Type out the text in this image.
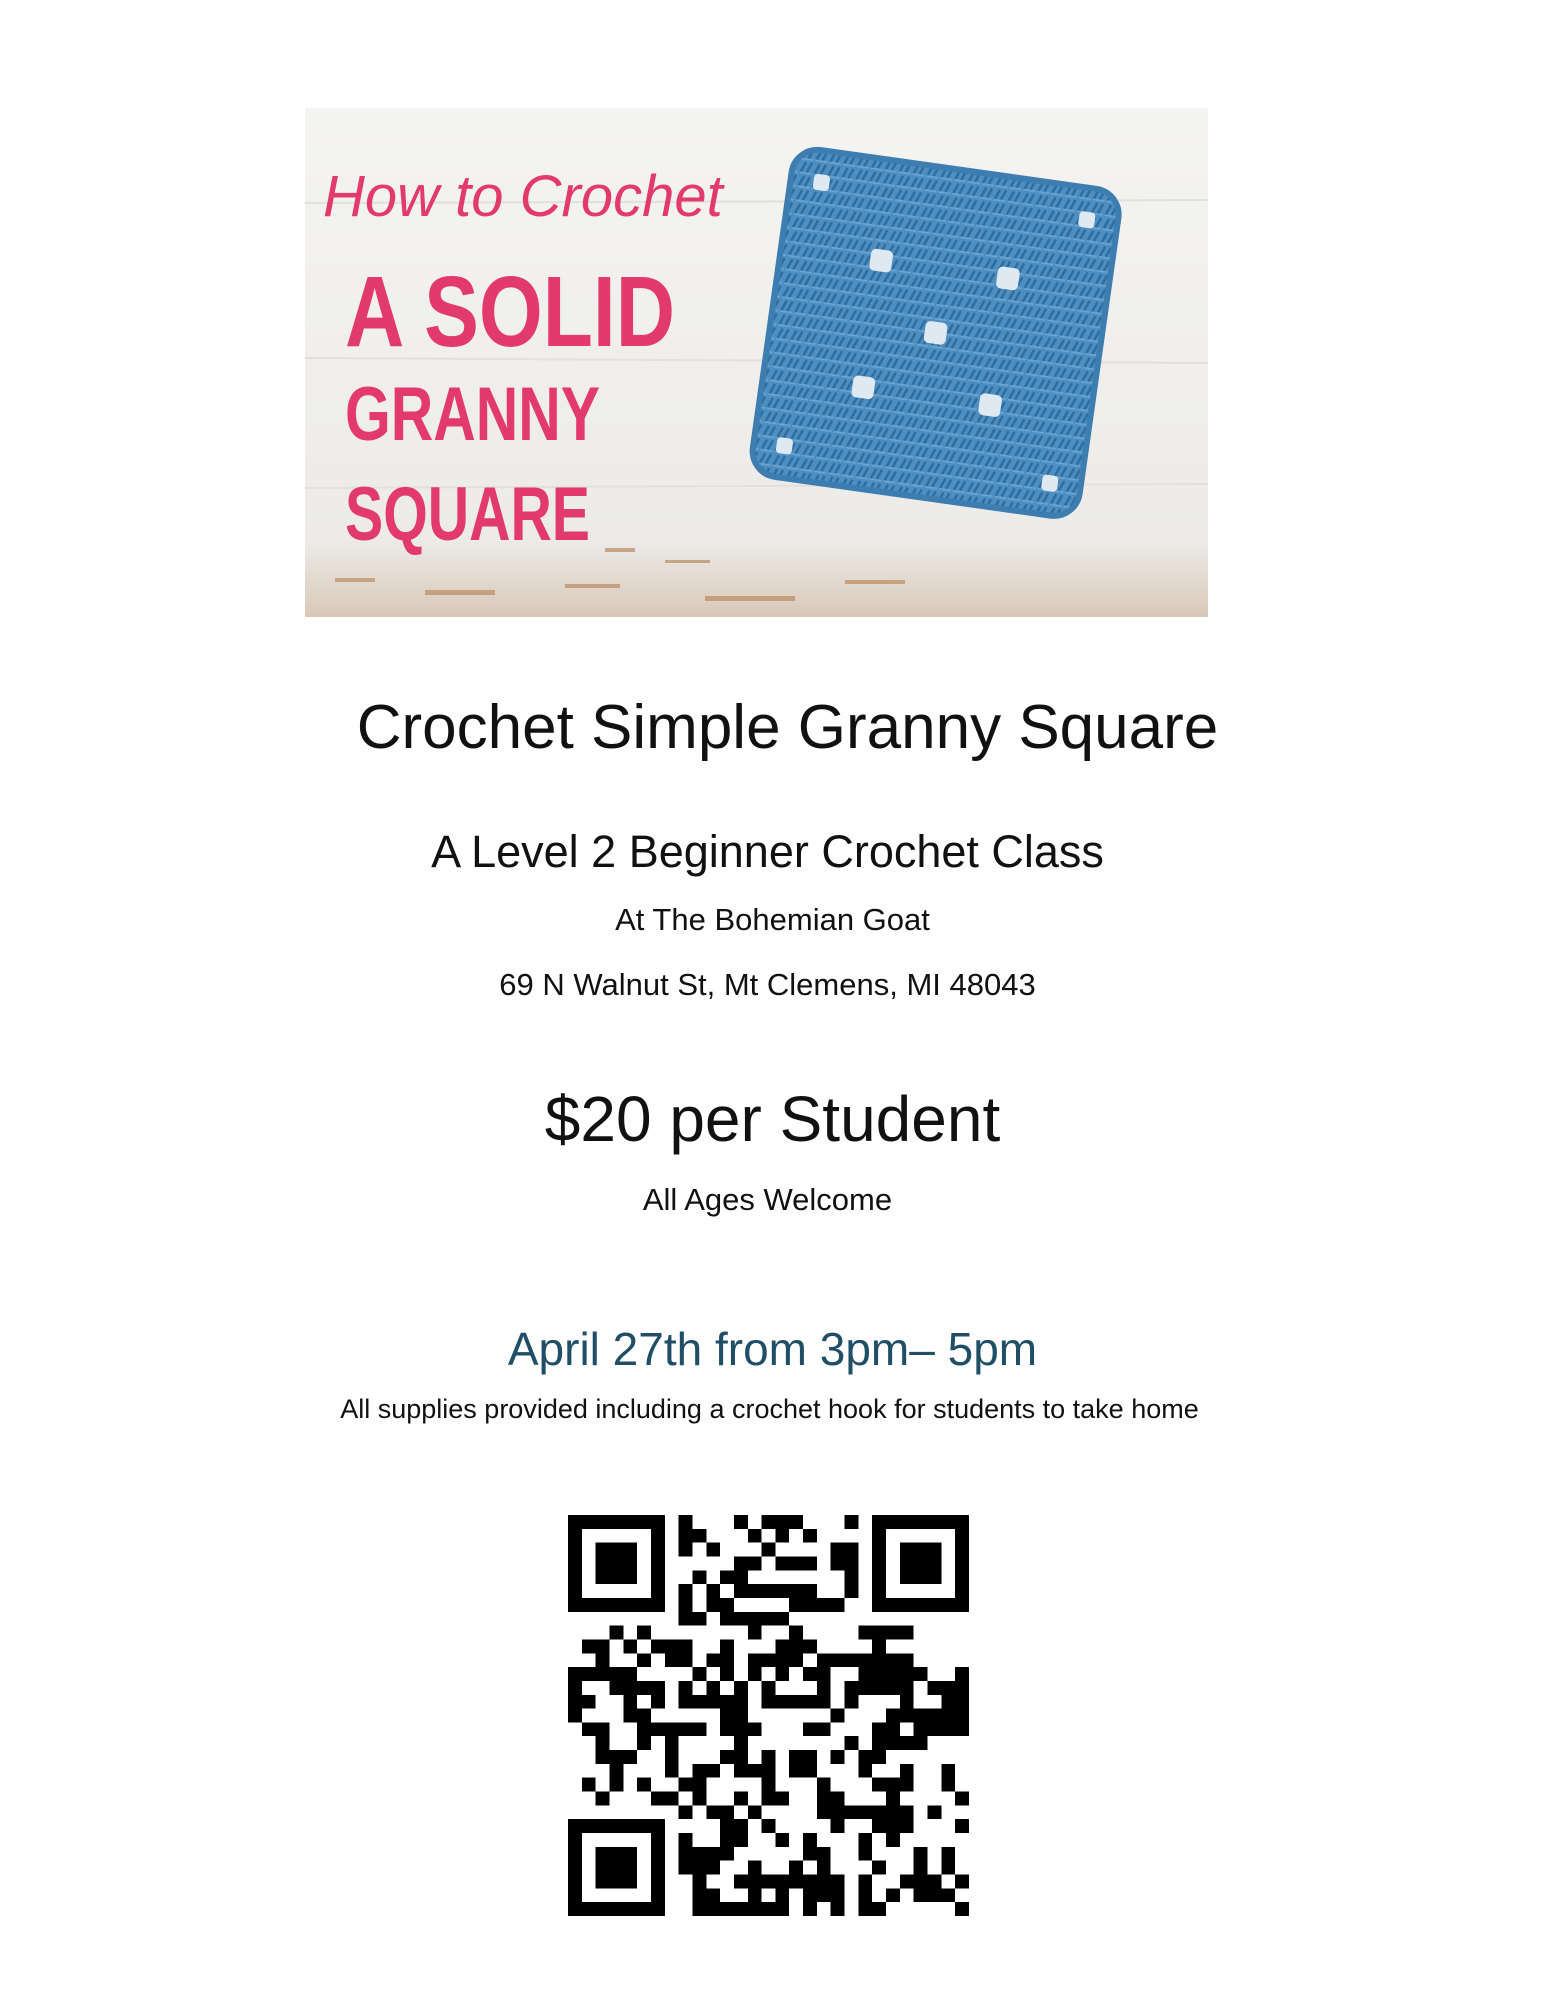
How to Crochet
A SOLID
GRANNY
SQUARE
Crochet Simple Granny Square
A Level 2 Beginner Crochet Class
At The Bohemian Goat
69 N Walnut St, Mt Clemens, MI 48043
$20 per Student
All Ages Welcome
April 27th from 3pm– 5pm
All supplies provided including a crochet hook for students to take home
